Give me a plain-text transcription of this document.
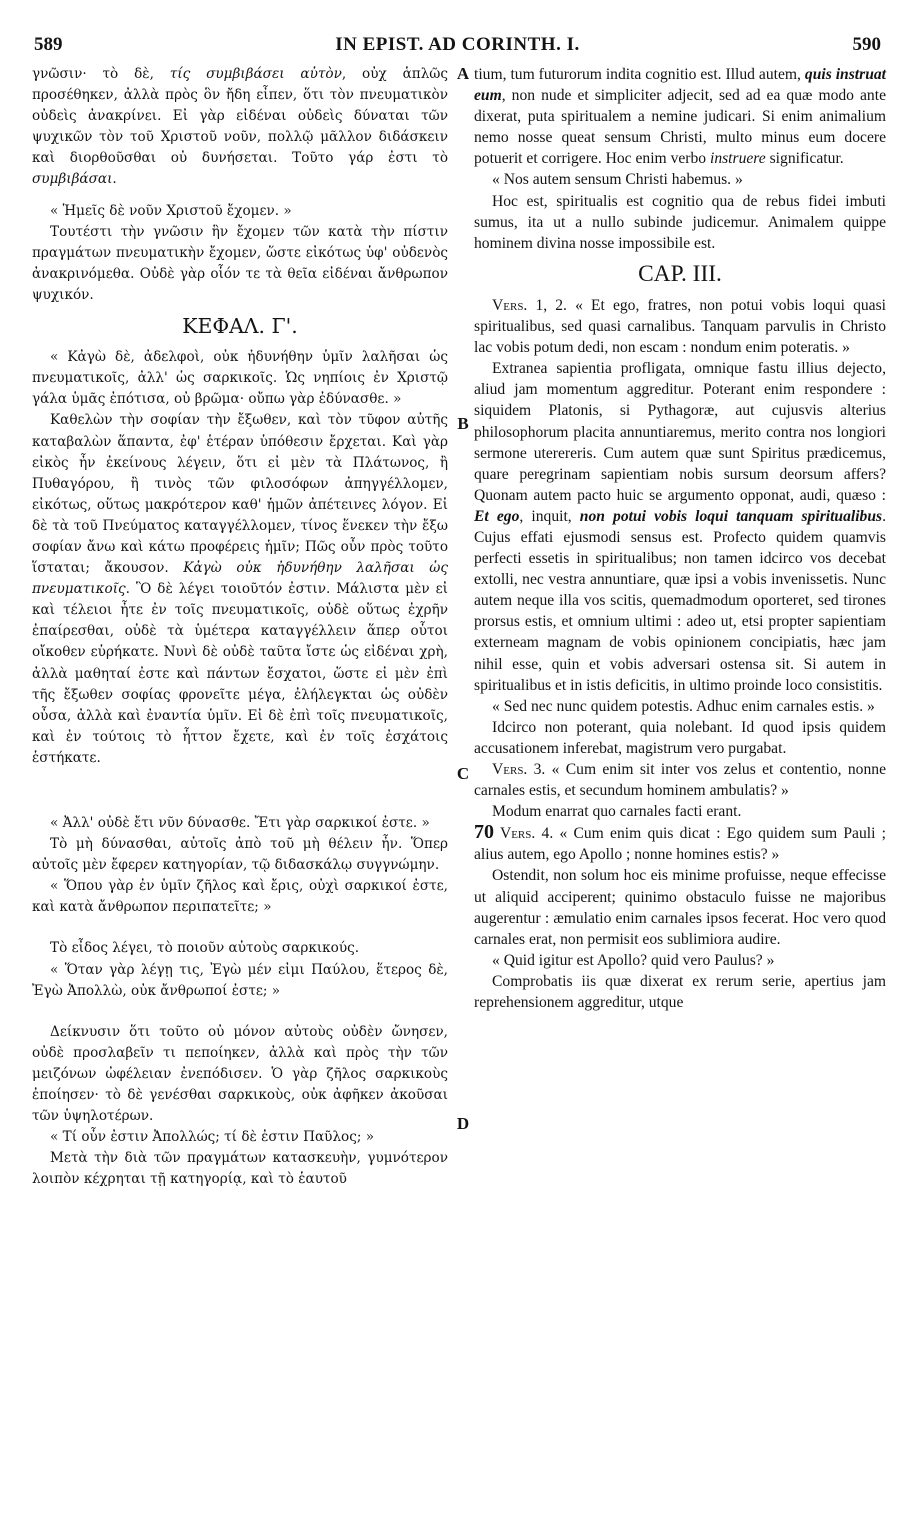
589	IN EPIST. AD CORINTH. I.	590
A
B
C
D

γνῶσιν· τὸ δὲ, τίς συμβιβάσει αὐτὸν, οὐχ ἁπλῶς προσέθηκεν, ἀλλὰ πρὸς ὃν ἤδη εἶπεν, ὅτι τὸν πνευματικὸν οὐδεὶς ἀνακρίνει. Εἰ γὰρ εἰδέναι οὐδεὶς δύναται τῶν ψυχικῶν τὸν τοῦ Χριστοῦ νοῦν, πολλῷ μᾶλλον διδάσκειν καὶ διορθοῦσθαι οὐ δυνήσεται. Τοῦτο γάρ ἐστι τὸ συμβιβάσαι.

« Ἡμεῖς δὲ νοῦν Χριστοῦ ἔχομεν. »

Τουτέστι τὴν γνῶσιν ἣν ἔχομεν τῶν κατὰ τὴν πίστιν πραγμάτων πνευματικὴν ἔχομεν, ὥστε εἰκότως ὑφ' οὐδενὸς ἀνακρινόμεθα. Οὐδὲ γὰρ οἷόν τε τὰ θεῖα εἰδέναι ἄνθρωπον ψυχικόν.

ΚΕΦΑΛ. Γ'.

« Κἀγὼ δὲ, ἀδελφοὶ, οὐκ ἠδυνήθην ὑμῖν λαλῆσαι ὡς πνευματικοῖς, ἀλλ' ὡς σαρκικοῖς. Ὡς νηπίοις ἐν Χριστῷ γάλα ὑμᾶς ἐπότισα, οὐ βρῶμα· οὔπω γὰρ ἐδύνασθε. »

Καθελὼν τὴν σοφίαν τὴν ἔξωθεν, καὶ τὸν τῦφον αὐτῆς καταβαλὼν ἅπαντα, ἐφ' ἑτέραν ὑπόθεσιν ἔρχεται. Καὶ γὰρ εἰκὸς ἦν ἐκείνους λέγειν, ὅτι εἰ μὲν τὰ Πλάτωνος, ἢ Πυθαγόρου, ἢ τινὸς τῶν φιλοσόφων ἀπηγγέλλομεν, εἰκότως, οὕτως μακρότερον καθ' ἡμῶν ἀπέτεινες λόγον. Εἰ δὲ τὰ τοῦ Πνεύματος καταγγέλλομεν, τίνος ἕνεκεν τὴν ἔξω σοφίαν ἄνω καὶ κάτω προφέρεις ἡμῖν; Πῶς οὖν πρὸς τοῦτο ἵσταται; ἄκουσον. Κἀγὼ οὐκ ἠδυνήθην λαλῆσαι ὡς πνευματικοῖς. Ὃ δὲ λέγει τοιοῦτόν ἐστιν. Μάλιστα μὲν εἰ καὶ τέλειοι ἦτε ἐν τοῖς πνευματικοῖς, οὐδὲ οὕτως ἐχρῆν ἐπαίρεσθαι, οὐδὲ τὰ ὑμέτερα καταγγέλλειν ἅπερ οὗτοι οἴκοθεν εὑρήκατε. Νυνὶ δὲ οὐδὲ ταῦτα ἴστε ὡς εἰδέναι χρὴ, ἀλλὰ μαθηταί ἐστε καὶ πάντων ἔσχατοι, ὥστε εἰ μὲν ἐπὶ τῆς ἔξωθεν σοφίας φρονεῖτε μέγα, ἐλήλεγκται ὡς οὐδὲν οὖσα, ἀλλὰ καὶ ἐναντία ὑμῖν. Εἰ δὲ ἐπὶ τοῖς πνευματικοῖς, καὶ ἐν τούτοις τὸ ἧττον ἔχετε, καὶ ἐν τοῖς ἐσχάτοις ἑστήκατε.

« Ἀλλ' οὐδὲ ἔτι νῦν δύνασθε. Ἔτι γὰρ σαρκικοί ἐστε. »

Τὸ μὴ δύνασθαι, αὐτοῖς ἀπὸ τοῦ μὴ θέλειν ἦν. Ὅπερ αὐτοῖς μὲν ἔφερεν κατηγορίαν, τῷ διδασκάλῳ συγγνώμην.

« Ὅπου γὰρ ἐν ὑμῖν ζῆλος καὶ ἔρις, οὐχὶ σαρκικοί ἐστε, καὶ κατὰ ἄνθρωπον περιπατεῖτε; »

Τὸ εἶδος λέγει, τὸ ποιοῦν αὐτοὺς σαρκικούς.

« Ὅταν γὰρ λέγῃ τις, Ἐγὼ μέν εἰμι Παύλου, ἕτερος δὲ, Ἐγὼ Ἀπολλὼ, οὐκ ἄνθρωποί ἐστε; »

Δείκνυσιν ὅτι τοῦτο οὐ μόνον αὐτοὺς οὐδὲν ὤνησεν, οὐδὲ προσλαβεῖν τι πεποίηκεν, ἀλλὰ καὶ πρὸς τὴν τῶν μειζόνων ὠφέλειαν ἐνεπόδισεν. Ὁ γὰρ ζῆλος σαρκικοὺς ἐποίησεν· τὸ δὲ γενέσθαι σαρκικοὺς, οὐκ ἀφῆκεν ἀκοῦσαι τῶν ὑψηλοτέρων.

« Τί οὖν ἐστιν Ἀπολλώς; τί δὲ ἐστιν Παῦλος; »

Μετὰ τὴν διὰ τῶν πραγμάτων κατασκευὴν, γυμνότερον λοιπὸν κέχρηται τῇ κατηγορίᾳ, καὶ τὸ ἑαυτοῦ

tium, tum futurorum indita cognitio est. Illud autem, quis instruat eum, non nude et simpliciter adjecit, sed ad ea quæ modo ante dixerat, puta spiritualem a nemine judicari. Si enim animalium nemo nosse queat sensum Christi, multo minus eum docere potuerit et corrigere. Hoc enim verbo instruere significatur.

« Nos autem sensum Christi habemus. »

Hoc est, spiritualis est cognitio qua de rebus fidei imbuti sumus, ita ut a nullo subinde judicemur. Animalem quippe hominem divina nosse impossibile est.

CAP. III.

Vers. 1, 2. « Et ego, fratres, non potui vobis loqui quasi spiritualibus, sed quasi carnalibus. Tanquam parvulis in Christo lac vobis potum dedi, non escam : nondum enim poteratis. »

Extranea sapientia profligata, omnique fastu illius dejecto, aliud jam momentum aggreditur. Poterant enim respondere : siquidem Platonis, si Pythagoræ, aut cujusvis alterius philosophorum placita annuntiaremus, merito contra nos longiori sermone uterereris. Cum autem quæ sunt Spiritus prædicemus, quare peregrinam sapientiam nobis sursum deorsum affers? Quonam autem pacto huic se argumento opponat, audi, quæso : Et ego, inquit, non potui vobis loqui tanquam spiritualibus. Cujus effati ejusmodi sensus est. Profecto quidem quamvis perfecti essetis in spiritualibus; non tamen idcirco vos decebat extolli, nec vestra annuntiare, quæ ipsi a vobis invenissetis. Nunc autem neque illa vos scitis, quemadmodum oporteret, sed tirones prorsus estis, et omnium ultimi : adeo ut, etsi propter sapientiam externeam magnam de vobis opinionem concipiatis, hæc jam nihil esse, quin et vobis adversari ostensa sit. Si autem in spiritualibus et in istis deficitis, in ultimo proinde loco consistitis.

« Sed nec nunc quidem potestis. Adhuc enim carnales estis. »

Idcirco non poterant, quia nolebant. Id quod ipsis quidem accusationem inferebat, magistrum vero purgabat.

Vers. 3. « Cum enim sit inter vos zelus et contentio, nonne carnales estis, et secundum hominem ambulatis? »

Modum enarrat quo carnales facti erant.

70 Vers. 4. « Cum enim quis dicat : Ego quidem sum Pauli ; alius autem, ego Apollo ; nonne homines estis? »

Ostendit, non solum hoc eis minime profuisse, neque effecisse ut aliquid acciperent; quinimo obstaculo fuisse ne majoribus augerentur : æmulatio enim carnales ipsos fecerat. Hoc vero quod carnales erat, non permisit eos sublimiora audire.

« Quid igitur est Apollo? quid vero Paulus? »

Comprobatis iis quæ dixerat ex rerum serie, apertius jam reprehensionem aggreditur, utque
